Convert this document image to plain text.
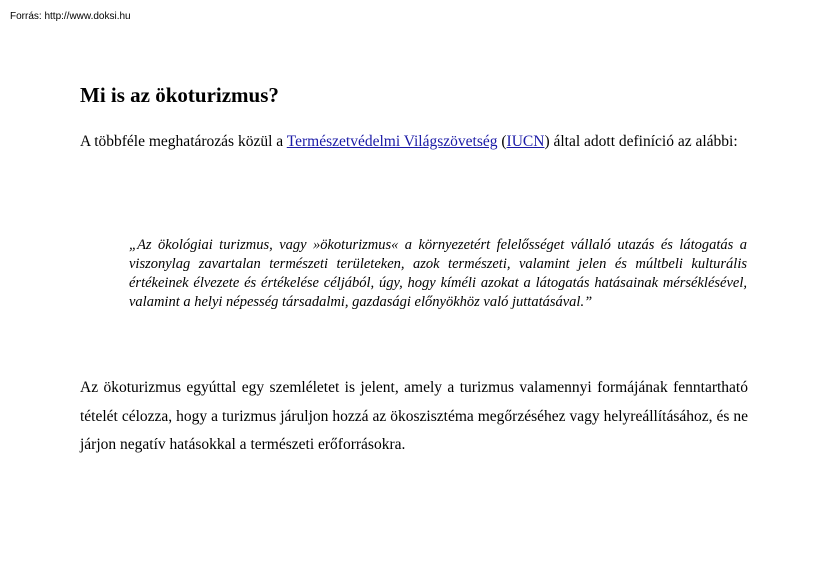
Forrás: http://www.doksi.hu
Mi is az ökoturizmus?

A többféle meghatározás közül a Természetvédelmi Világszövetség (IUCN) által adott definíció az alábbi:

„Az ökológiai turizmus, vagy »ökoturizmus« a környezetért felelősséget vállaló utazás és látogatás a viszonylag zavartalan természeti területeken, azok természeti, valamint jelen és múltbeli kulturális értékeinek élvezete és értékelése céljából, úgy, hogy kíméli azokat a látogatás hatásainak mérséklésével, valamint a helyi népesség társadalmi, gazdasági előnyökhöz való juttatásával.”

Az ökoturizmus egyúttal egy szemléletet is jelent, amely a turizmus valamennyi formájának fenntartható tételét célozza, hogy a turizmus járuljon hozzá az ökoszisztéma megőrzéséhez vagy helyreállításához, és ne járjon negatív hatásokkal a természeti erőforrásokra.
